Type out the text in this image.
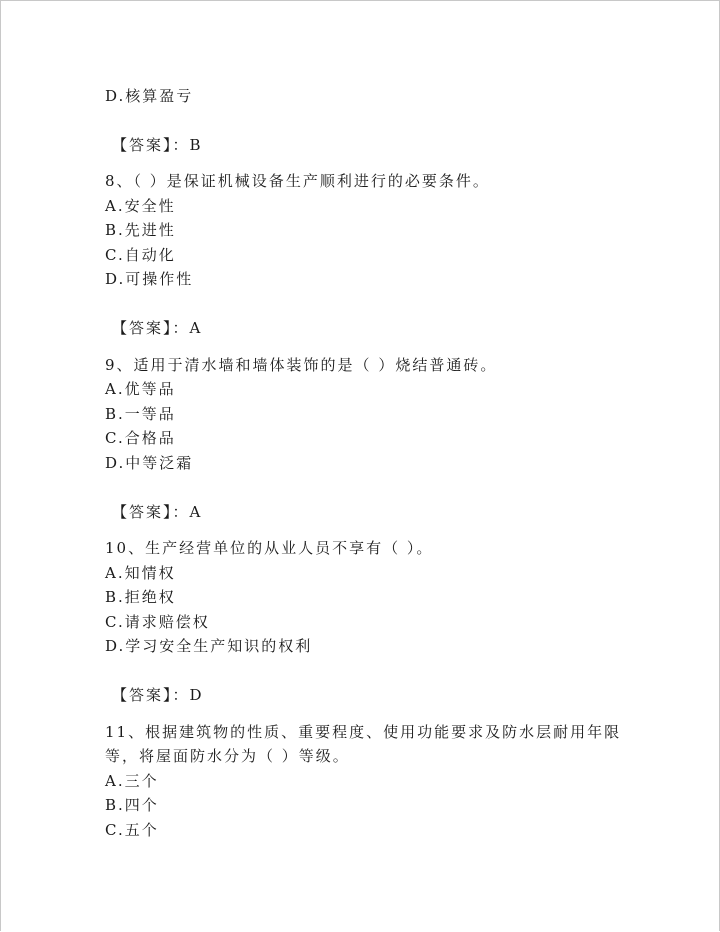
D.核算盈亏
【答案】：B
8、（ ）是保证机械设备生产顺利进行的必要条件。
A.安全性
B.先进性
C.自动化
D.可操作性
【答案】：A
9、适用于清水墙和墙体装饰的是（ ）烧结普通砖。
A.优等品
B.一等品
C.合格品
D.中等泛霜
【答案】：A
10、生产经营单位的从业人员不享有（ ）。
A.知情权
B.拒绝权
C.请求赔偿权
D.学习安全生产知识的权利
【答案】：D
11、根据建筑物的性质、重要程度、使用功能要求及防水层耐用年限
等，将屋面防水分为（ ）等级。
A.三个
B.四个
C.五个
